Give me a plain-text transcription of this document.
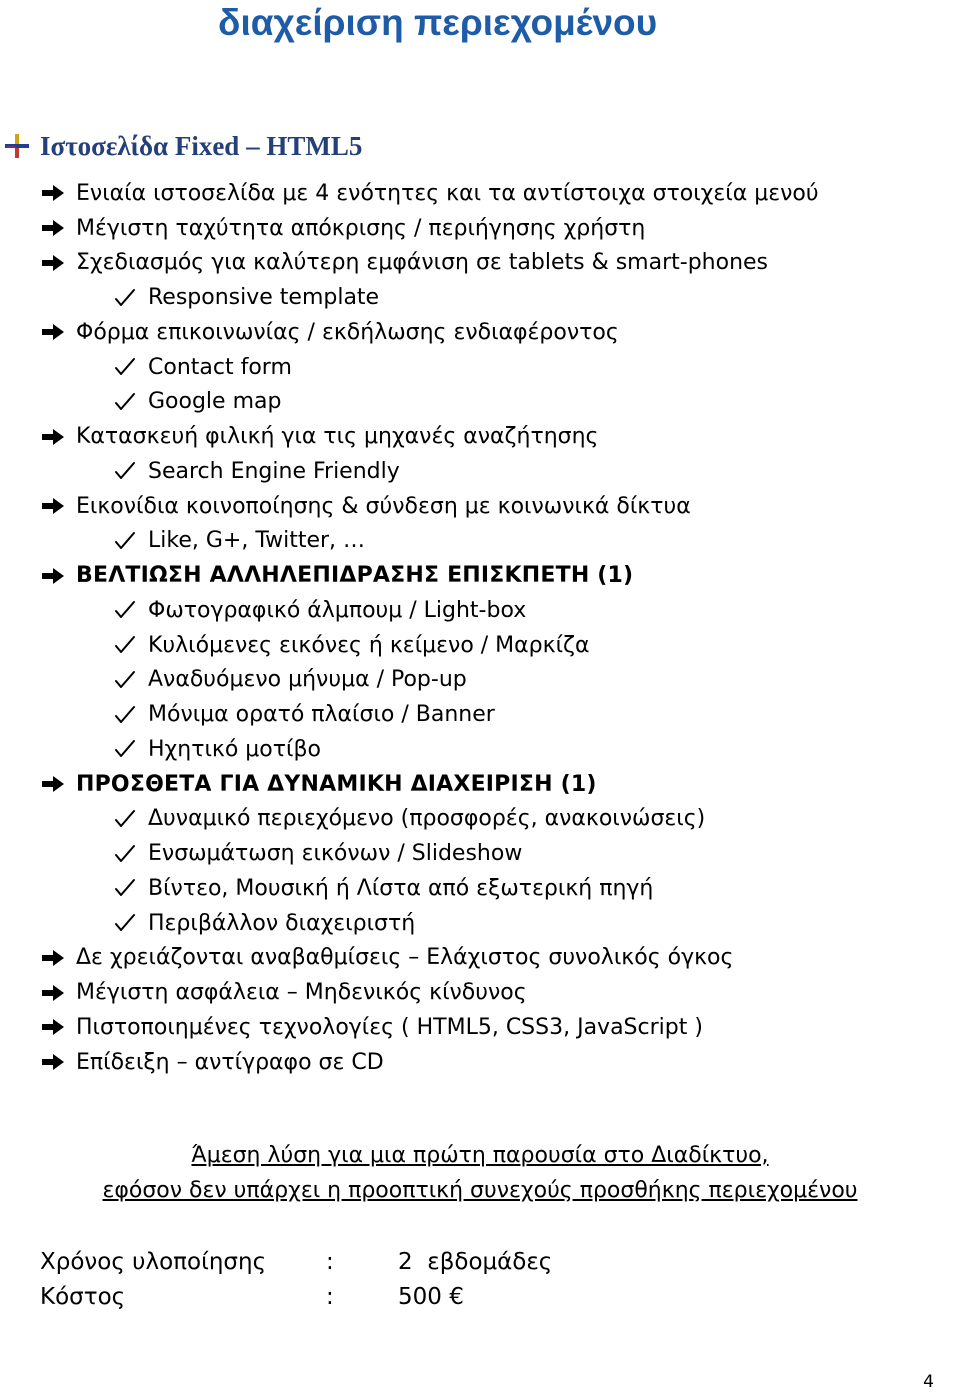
διαχείριση περιεχομένου
Ιστοσελίδα Fixed – HTML5
Ενιαία ιστοσελίδα με 4 ενότητες και τα αντίστοιχα στοιχεία μενού
Μέγιστη ταχύτητα απόκρισης / περιήγησης χρήστη
Σχεδιασμός για καλύτερη εμφάνιση σε tablets & smart-phones
Responsive template
Φόρμα επικοινωνίας / εκδήλωσης ενδιαφέροντος
Contact form
Google map
Κατασκευή φιλική για τις μηχανές αναζήτησης
Search Engine Friendly
Εικονίδια κοινοποίησης & σύνδεση με κοινωνικά δίκτυα
Like, G+, Twitter, …
ΒΕΛΤΙΩΣΗ ΑΛΛΗΛΕΠΙΔΡΑΣΗΣ ΕΠΙΣΚΠΕΤΗ (1)
Φωτογραφικό άλμπουμ / Light-box
Κυλιόμενες εικόνες ή κείμενο / Μαρκίζα
Αναδυόμενο μήνυμα / Pop-up
Μόνιμα ορατό πλαίσιο / Banner
Ηχητικό μοτίβο
ΠΡΟΣΘΕΤΑ ΓΙΑ ΔΥΝΑΜΙΚΗ ΔΙΑΧΕΙΡΙΣΗ (1)
Δυναμικό περιεχόμενο (προσφορές, ανακοινώσεις)
Ενσωμάτωση εικόνων / Slideshow
Βίντεο, Μουσική ή Λίστα από εξωτερική πηγή
Περιβάλλον διαχειριστή
Δε χρειάζονται αναβαθμίσεις – Ελάχιστος συνολικός όγκος
Μέγιστη ασφάλεια – Μηδενικός κίνδυνος
Πιστοποιημένες τεχνολογίες ( HTML5, CSS3, JavaScript )
Επίδειξη – αντίγραφο σε CD
Άμεση λύση για μια πρώτη παρουσία στο Διαδίκτυο,
εφόσον δεν υπάρχει η προοπτική συνεχούς προσθήκης περιεχομένου
Χρόνος υλοποίησης	:	2  εβδομάδες
Κόστος	:	500 €
4
